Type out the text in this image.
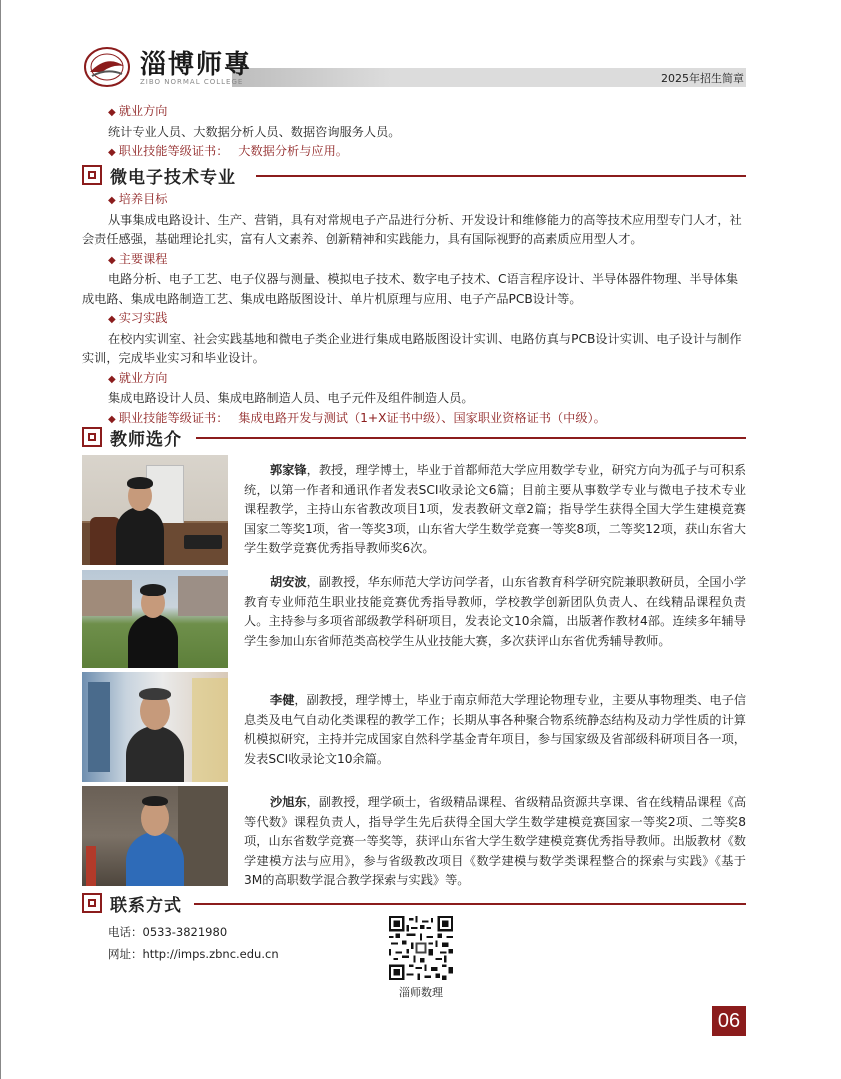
淄博师專
ZIBO NORMAL COLLEGE	2025年招生简章
◆ 就业方向
统计专业人员、大数据分析人员、数据咨询服务人员。
◆ 职业技能等级证书： 大数据分析与应用。
微电子技术专业
◆ 培养目标
从事集成电路设计、生产、营销，具有对常规电子产品进行分析、开发设计和维修能力的高等技术应用型专门人才，社会责任感强，基础理论扎实，富有人文素养、创新精神和实践能力，具有国际视野的高素质应用型人才。
◆ 主要课程
电路分析、电子工艺、电子仪器与测量、模拟电子技术、数字电子技术、C语言程序设计、半导体器件物理、半导体集成电路、集成电路制造工艺、集成电路版图设计、单片机原理与应用、电子产品PCB设计等。
◆ 实习实践
在校内实训室、社会实践基地和微电子类企业进行集成电路版图设计实训、电路仿真与PCB设计实训、电子设计与制作实训，完成毕业实习和毕业设计。
◆ 就业方向
集成电路设计人员、集成电路制造人员、电子元件及组件制造人员。
◆ 职业技能等级证书： 集成电路开发与测试（1+X证书中级）、国家职业资格证书（中级）。
教师选介
郭家锋，教授，理学博士，毕业于首都师范大学应用数学专业，研究方向为孤子与可积系统，以第一作者和通讯作者发表SCI收录论文6篇；目前主要从事数学专业与微电子技术专业课程教学，主持山东省教改项目1项，发表教研文章2篇；指导学生获得全国大学生建模竞赛国家二等奖1项，省一等奖3项，山东省大学生数学竞赛一等奖8项，二等奖12项，获山东省大学生数学竞赛优秀指导教师奖6次。
胡安波，副教授，华东师范大学访问学者，山东省教育科学研究院兼职教研员，全国小学教育专业师范生职业技能竞赛优秀指导教师，学校教学创新团队负责人、在线精品课程负责人。主持参与多项省部级教学科研项目，发表论文10余篇，出版著作教材4部。连续多年辅导学生参加山东省师范类高校学生从业技能大赛，多次获评山东省优秀辅导教师。
李健，副教授，理学博士，毕业于南京师范大学理论物理专业，主要从事物理类、电子信息类及电气自动化类课程的教学工作；长期从事各种聚合物系统静态结构及动力学性质的计算机模拟研究，主持并完成国家自然科学基金青年项目，参与国家级及省部级科研项目各一项，发表SCI收录论文10余篇。
沙旭东，副教授，理学硕士，省级精品课程、省级精品资源共享课、省在线精品课程《高等代数》课程负责人，指导学生先后获得全国大学生数学建模竞赛国家一等奖2项、二等奖8项，山东省数学竞赛一等奖等，获评山东省大学生数学建模竞赛优秀指导教师。出版教材《数学建模方法与应用》，参与省级教改项目《数学建模与数学类课程整合的探索与实践》《基于3M的高职数学混合教学探索与实践》等。
联系方式
电话：0533-3821980
网址：http://imps.zbnc.edu.cn
淄师数理
06
